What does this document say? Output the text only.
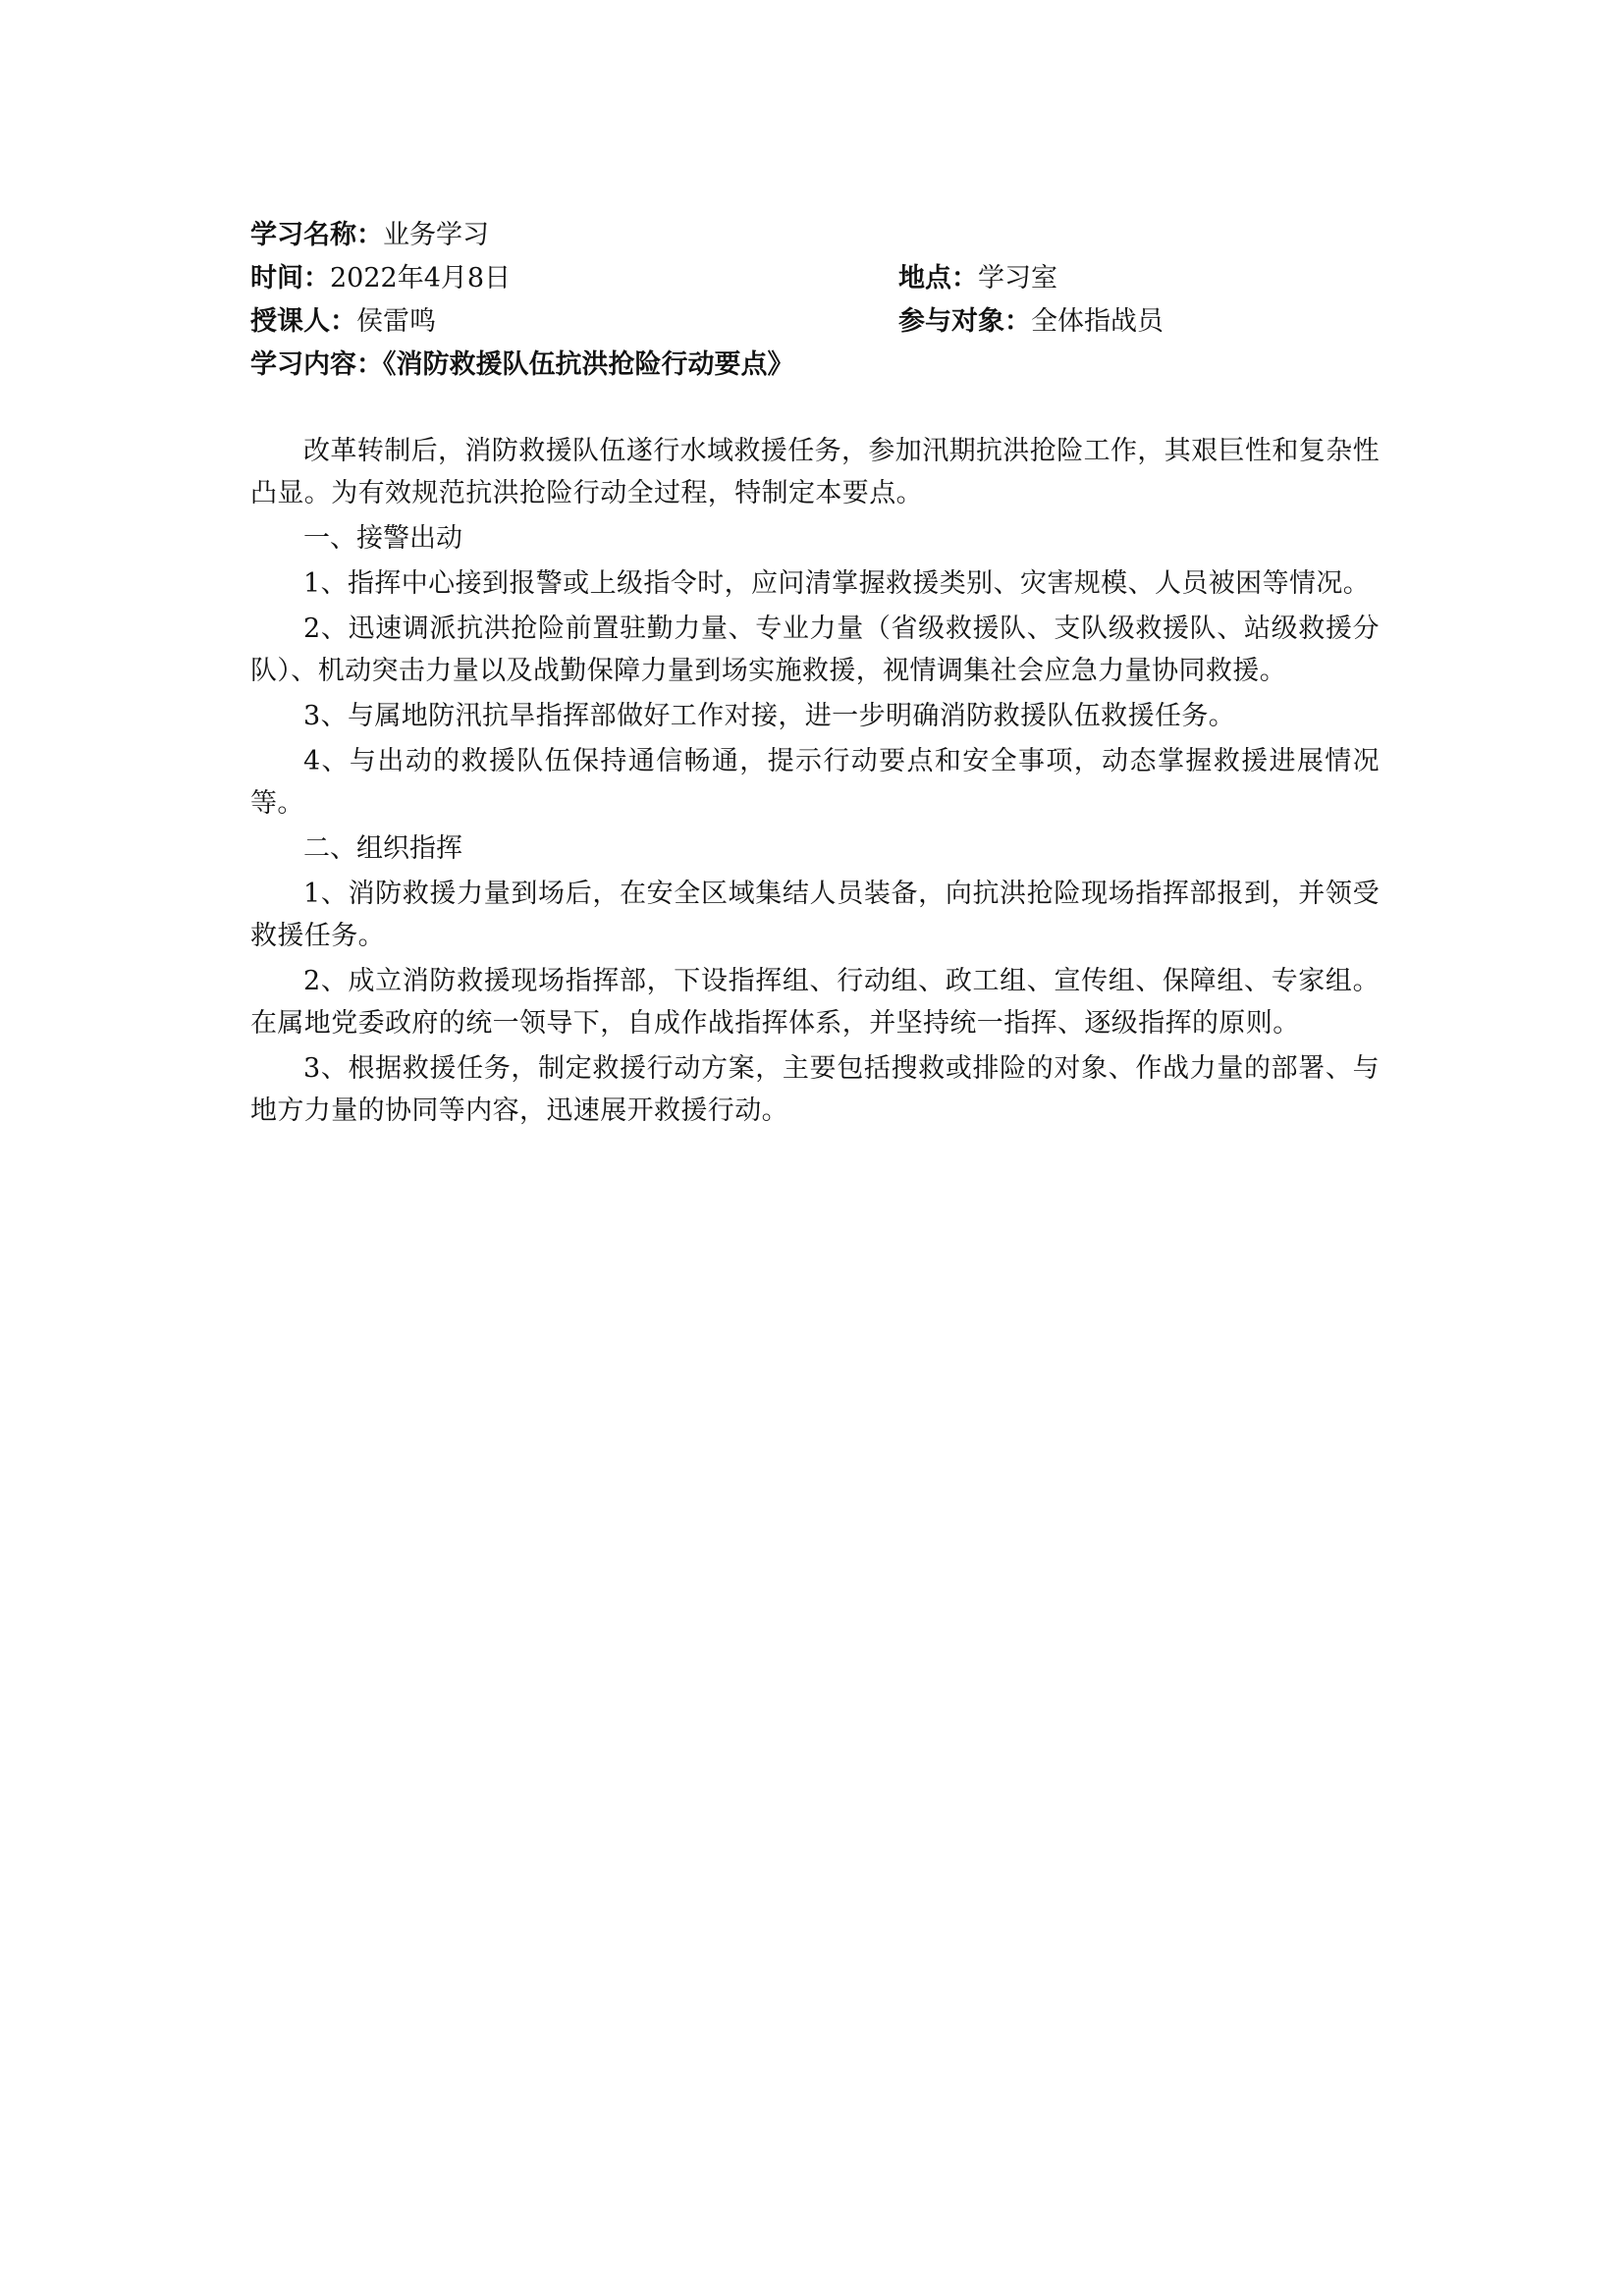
学习名称：业务学习
时间：2022年4月8日	地点：学习室
授课人：侯雷鸣	参与对象：全体指战员
学习内容：《消防救援队伍抗洪抢险行动要点》

改革转制后，消防救援队伍遂行水域救援任务，参加汛期抗洪抢险工作，其艰巨性和复杂性凸显。为有效规范抗洪抢险行动全过程，特制定本要点。

一、接警出动

1、指挥中心接到报警或上级指令时，应问清掌握救援类别、灾害规模、人员被困等情况。

2、迅速调派抗洪抢险前置驻勤力量、专业力量（省级救援队、支队级救援队、站级救援分队）、机动突击力量以及战勤保障力量到场实施救援，视情调集社会应急力量协同救援。

3、与属地防汛抗旱指挥部做好工作对接，进一步明确消防救援队伍救援任务。

4、与出动的救援队伍保持通信畅通，提示行动要点和安全事项，动态掌握救援进展情况等。

二、组织指挥

1、消防救援力量到场后，在安全区域集结人员装备，向抗洪抢险现场指挥部报到，并领受救援任务。

2、成立消防救援现场指挥部，下设指挥组、行动组、政工组、宣传组、保障组、专家组。在属地党委政府的统一领导下，自成作战指挥体系，并坚持统一指挥、逐级指挥的原则。

3、根据救援任务，制定救援行动方案，主要包括搜救或排险的对象、作战力量的部署、与地方力量的协同等内容，迅速展开救援行动。
